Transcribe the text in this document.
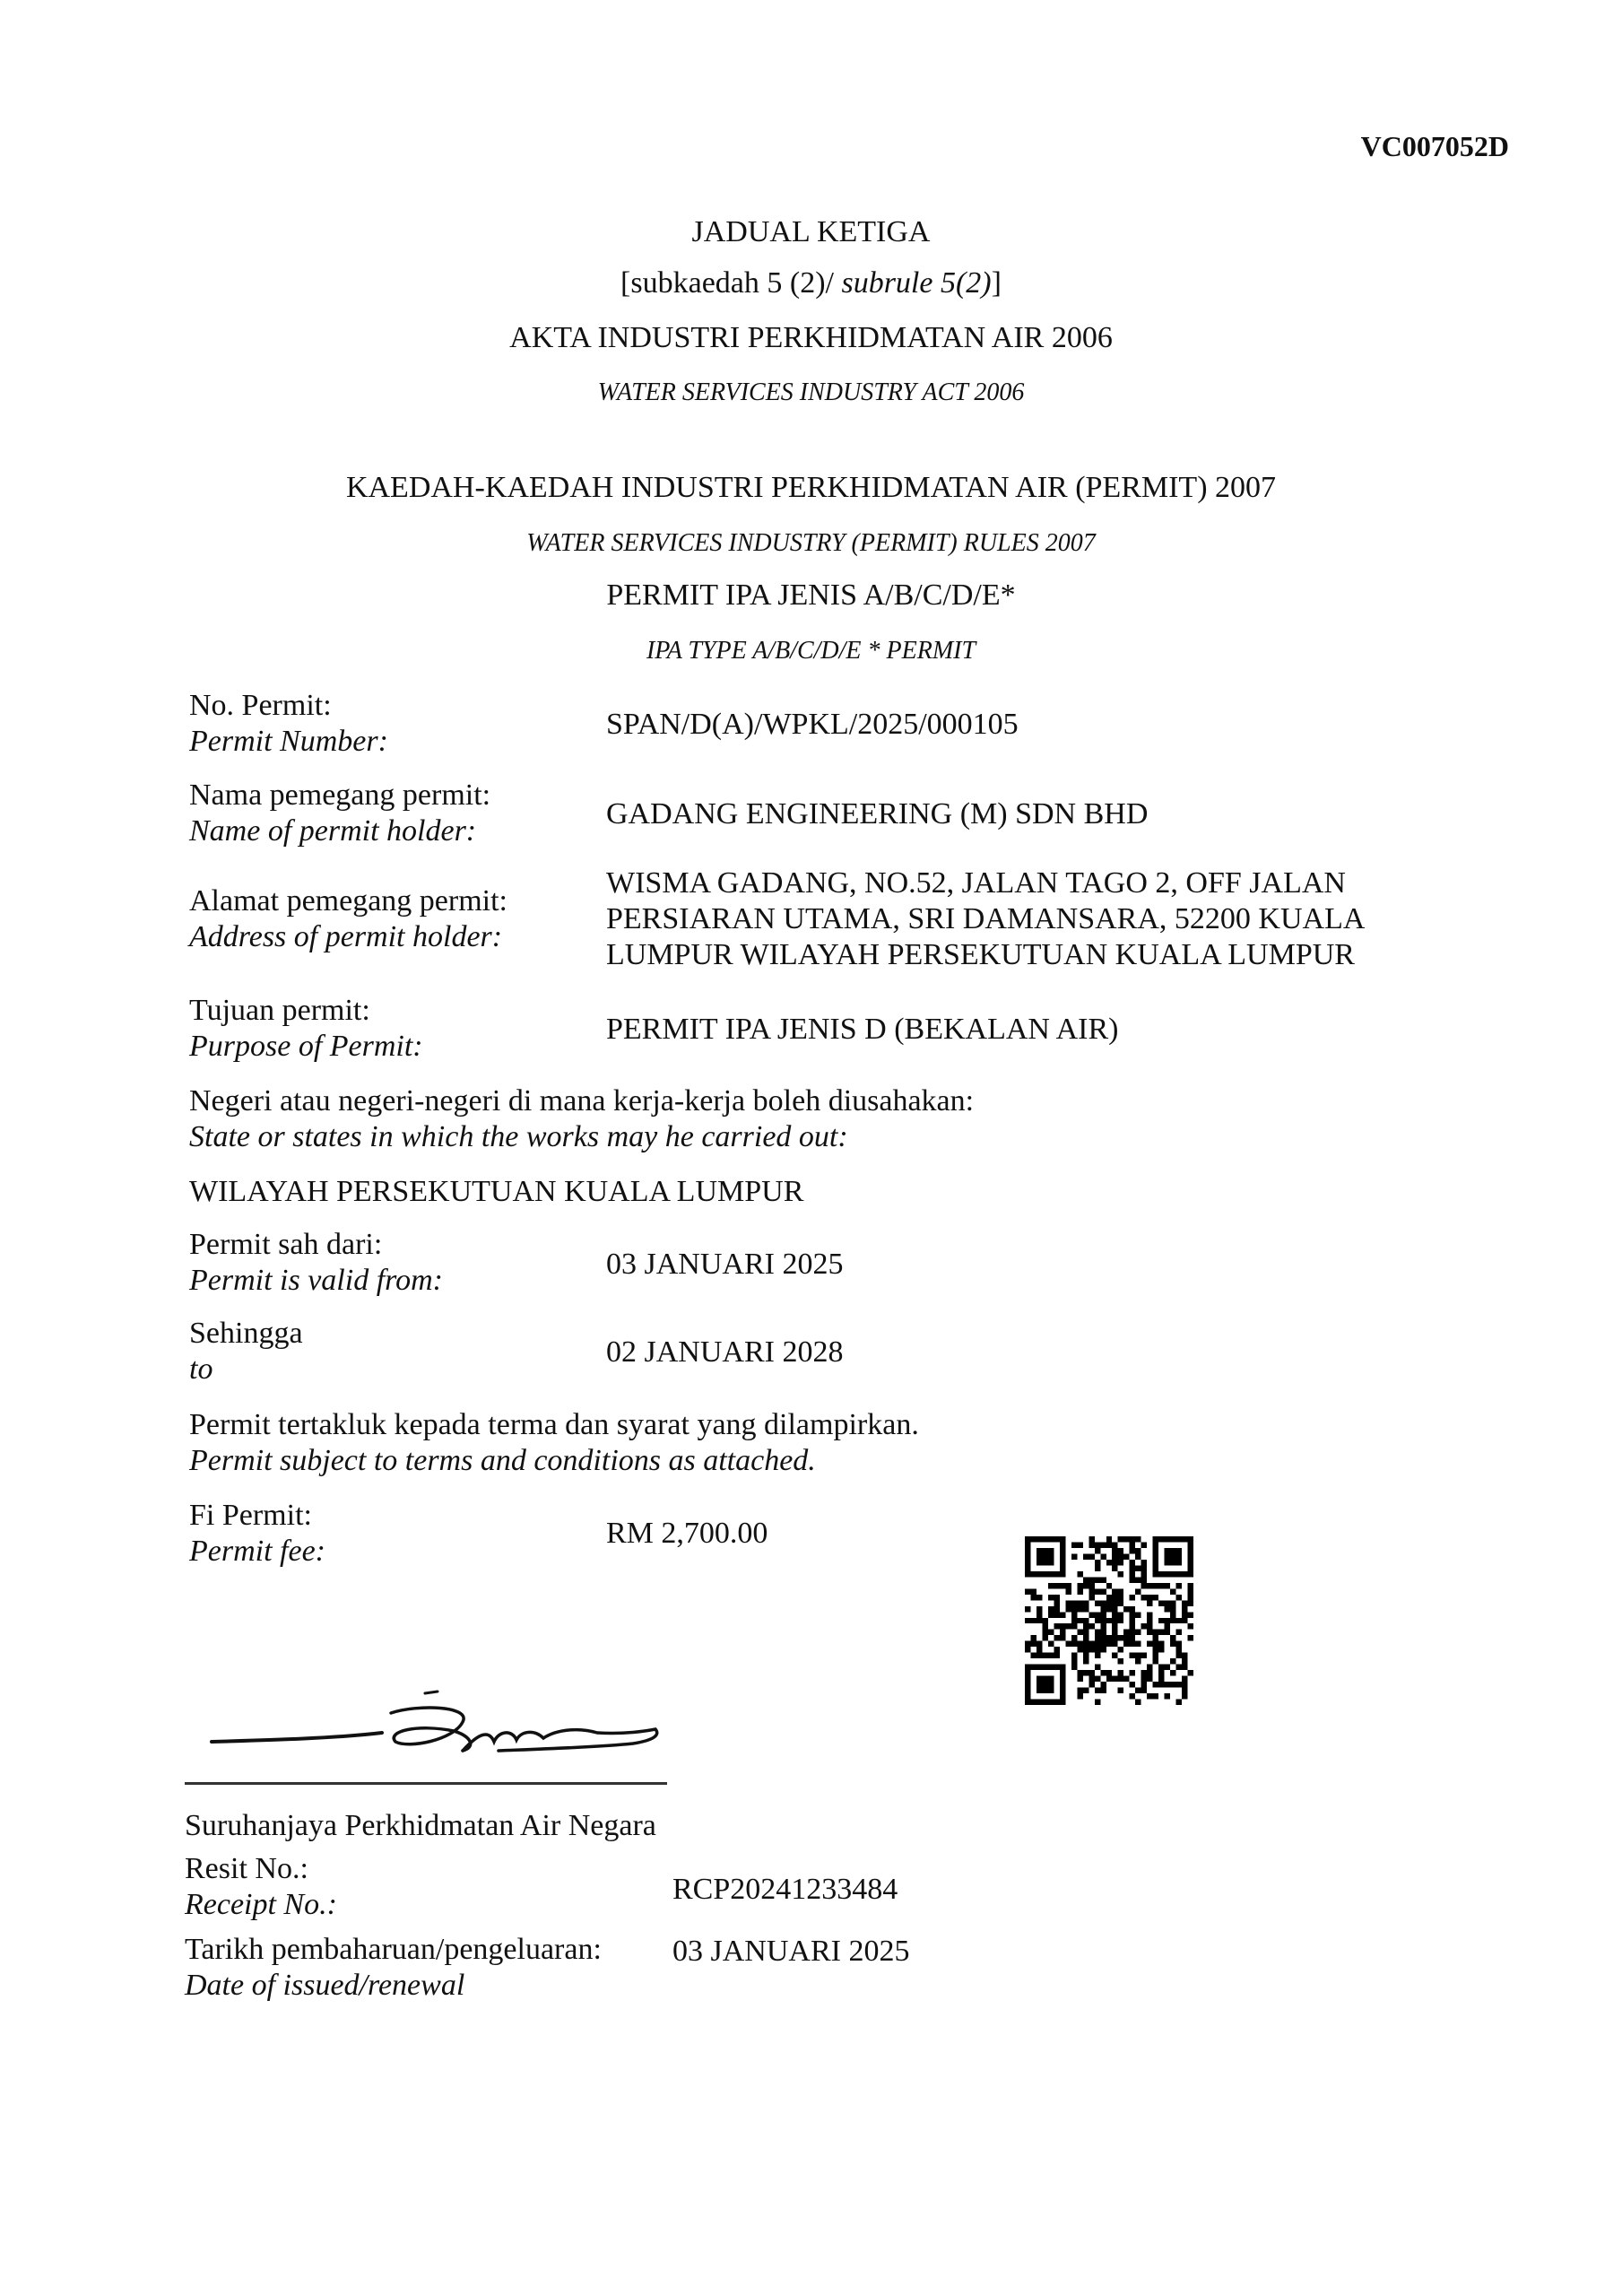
VC007052D
JADUAL KETIGA
[subkaedah 5 (2)/ subrule 5(2)]
AKTA INDUSTRI PERKHIDMATAN AIR 2006
WATER SERVICES INDUSTRY ACT 2006
KAEDAH-KAEDAH INDUSTRI PERKHIDMATAN AIR (PERMIT) 2007
WATER SERVICES INDUSTRY (PERMIT) RULES 2007
PERMIT IPA JENIS A/B/C/D/E*
IPA TYPE A/B/C/D/E * PERMIT
No. Permit:
Permit Number:
SPAN/D(A)/WPKL/2025/000105
Nama pemegang permit:
Name of permit holder:
GADANG ENGINEERING (M) SDN BHD
Alamat pemegang permit:
Address of permit holder:
WISMA GADANG, NO.52, JALAN TAGO 2, OFF JALAN
PERSIARAN UTAMA, SRI DAMANSARA, 52200 KUALA
LUMPUR WILAYAH PERSEKUTUAN KUALA LUMPUR
Tujuan permit:
Purpose of Permit:
PERMIT IPA JENIS D (BEKALAN AIR)
Negeri atau negeri-negeri di mana kerja-kerja boleh diusahakan:
State or states in which the works may he carried out:
WILAYAH PERSEKUTUAN KUALA LUMPUR
Permit sah dari:
Permit is valid from:	03 JANUARI 2025
Sehingga
to
02 JANUARI 2028
Permit tertakluk kepada terma dan syarat yang dilampirkan.
Permit subject to terms and conditions as attached.
Fi Permit:
Permit fee:
RM 2,700.00
Suruhanjaya Perkhidmatan Air Negara
Resit No.:
Receipt No.:	RCP20241233484
Tarikh pembaharuan/pengeluaran:
Date of issued/renewal
03 JANUARI 2025
